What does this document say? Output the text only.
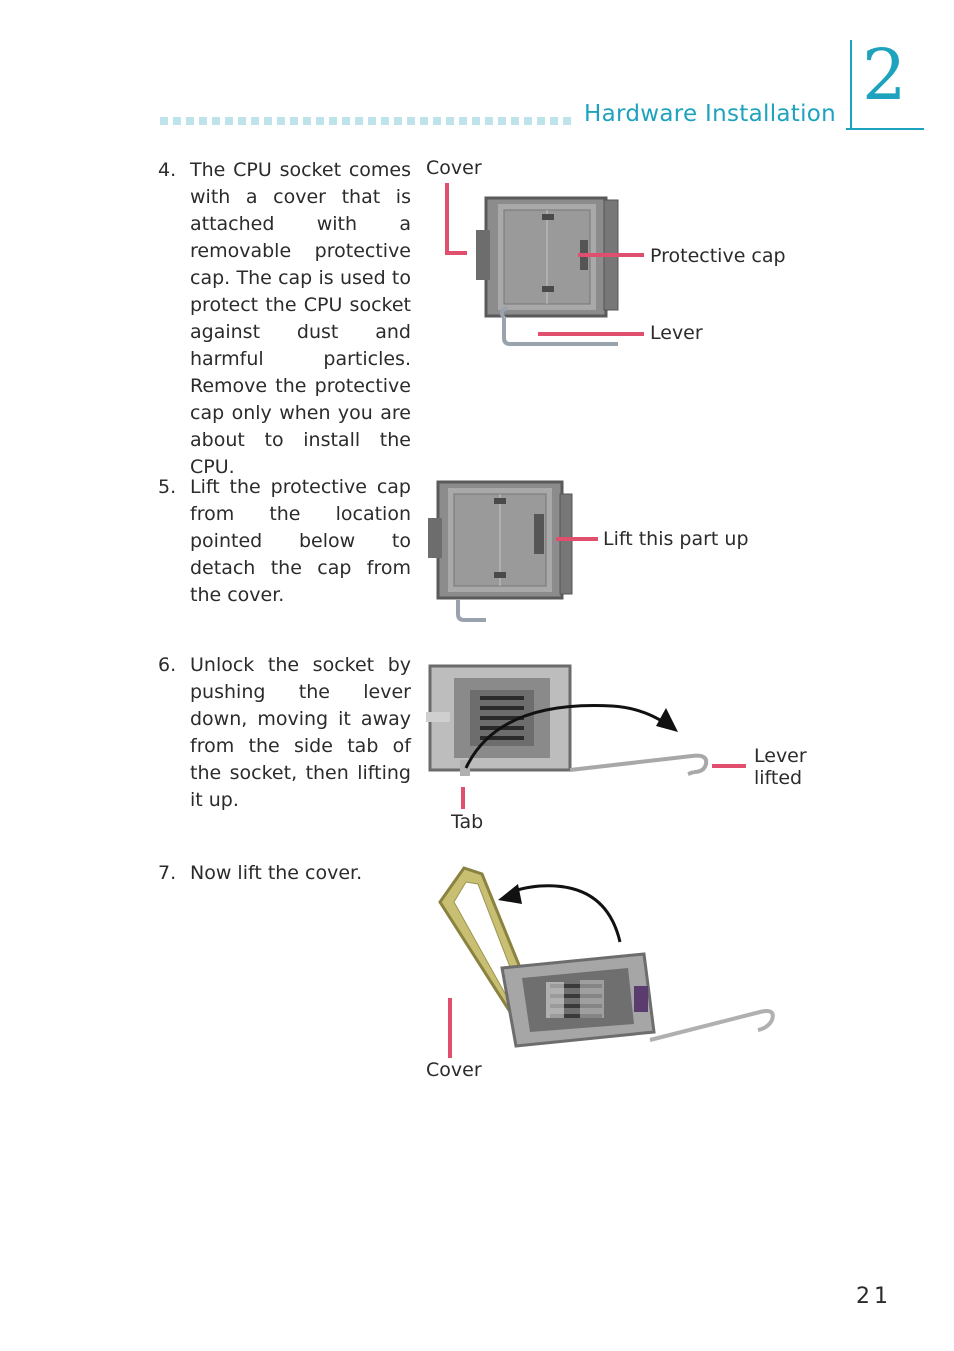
Hardware Installation 2
4. The CPU socket comes with a cover that is attached with a removable protective cap. The cap is used to protect the CPU socket against dust and harmful particles. Remove the protective cap only when you are about to install the CPU.
5. Lift the protective cap from the location pointed below to detach the cap from the cover.
6. Unlock the socket by pushing the lever down, moving it away from the side tab of the socket, then lifting it up.
7. Now lift the cover.
Cover
Protective cap
Lever
Lift this part up
Lever lifted
Tab
Cover
21
